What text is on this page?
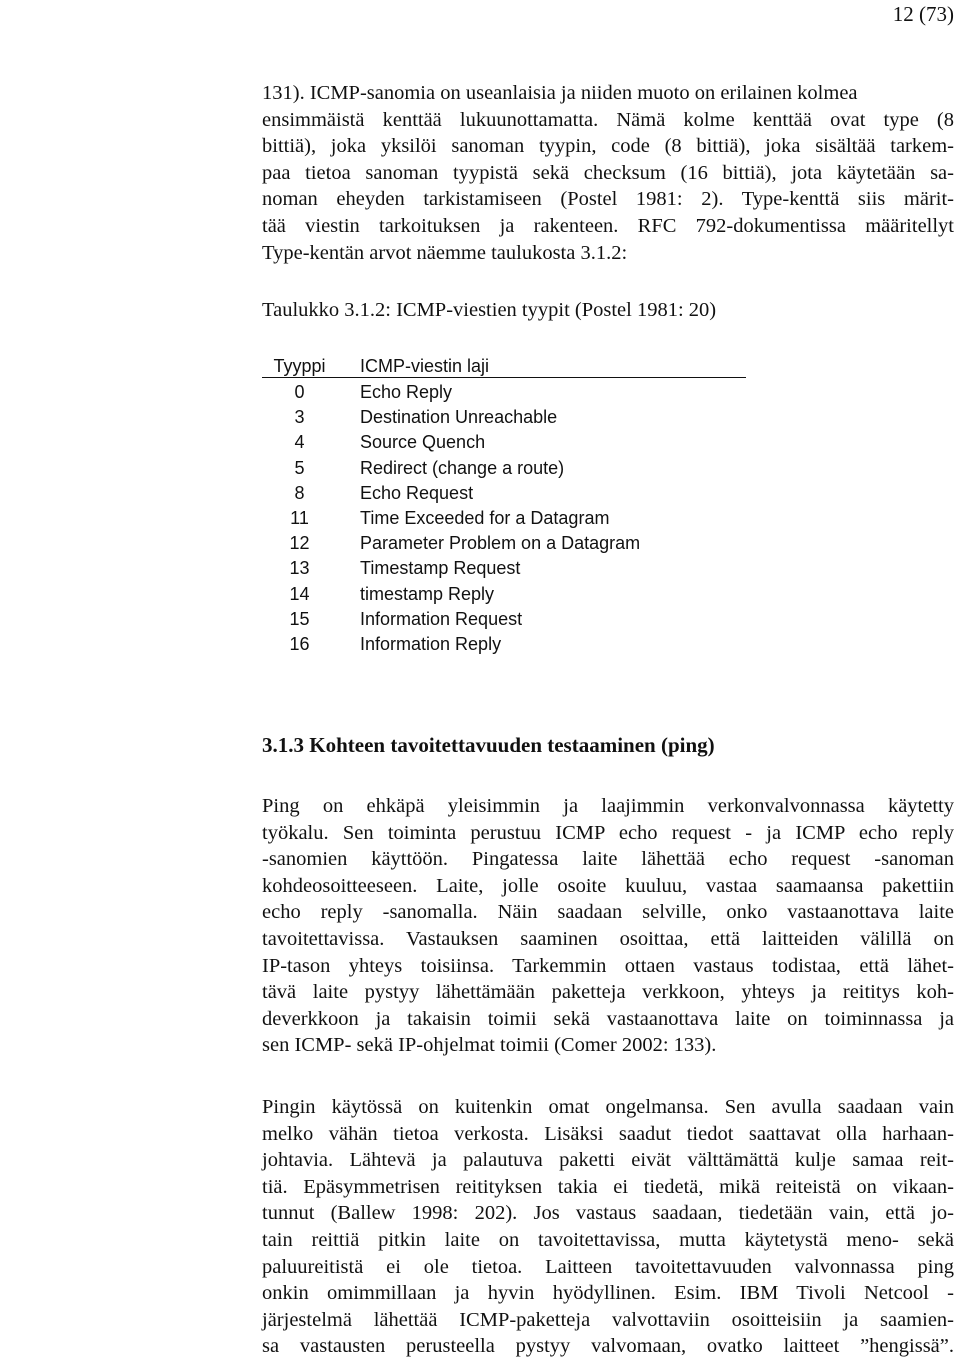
12 (73)
131). ICMP-sanomia on useanlaisia ja niiden muoto on erilainen kolmea
ensimmäistä kenttää lukuunottamatta. Nämä kolme kenttää ovat type (8
bittiä), joka yksilöi sanoman tyypin, code (8 bittiä), joka sisältää tarkem-
paa tietoa sanoman tyypistä sekä checksum (16 bittiä), jota käytetään sa-
noman eheyden tarkistamiseen (Postel 1981: 2). Type-kenttä siis märit-
tää viestin tarkoituksen ja rakenteen. RFC 792-dokumentissa määritellyt
Type-kentän arvot näemme taulukosta 3.1.2:
Taulukko 3.1.2: ICMP-viestien tyypit (Postel 1981: 20)
Tyyppi	ICMP-viestin laji
0	Echo Reply
3	Destination Unreachable
4	Source Quench
5	Redirect (change a route)
8	Echo Request
11	Time Exceeded for a Datagram
12	Parameter Problem on a Datagram
13	Timestamp Request
14	timestamp Reply
15	Information Request
16	Information Reply
3.1.3 Kohteen tavoitettavuuden testaaminen (ping)
Ping on ehkäpä yleisimmin ja laajimmin verkonvalvonnassa käytetty
työkalu. Sen toiminta perustuu ICMP echo request - ja ICMP echo reply
-sanomien käyttöön. Pingatessa laite lähettää echo request -sanoman
kohdeosoitteeseen. Laite, jolle osoite kuuluu, vastaa saamaansa pakettiin
echo reply -sanomalla. Näin saadaan selville, onko vastaanottava laite
tavoitettavissa. Vastauksen saaminen osoittaa, että laitteiden välillä on
IP-tason yhteys toisiinsa. Tarkemmin ottaen vastaus todistaa, että lähet-
tävä laite pystyy lähettämään paketteja verkkoon, yhteys ja reititys koh-
deverkkoon ja takaisin toimii sekä vastaanottava laite on toiminnassa ja
sen ICMP- sekä IP-ohjelmat toimii (Comer 2002: 133).
Pingin käytössä on kuitenkin omat ongelmansa. Sen avulla saadaan vain
melko vähän tietoa verkosta. Lisäksi saadut tiedot saattavat olla harhaan-
johtavia. Lähtevä ja palautuva paketti eivät välttämättä kulje samaa reit-
tiä. Epäsymmetrisen reitityksen takia ei tiedetä, mikä reiteistä on vikaan-
tunnut (Ballew 1998: 202). Jos vastaus saadaan, tiedetään vain, että jo-
tain reittiä pitkin laite on tavoitettavissa, mutta käytetystä meno- sekä
paluureitistä ei ole tietoa. Laitteen tavoitettavuuden valvonnassa ping
onkin omimmillaan ja hyvin hyödyllinen. Esim. IBM Tivoli Netcool -
järjestelmä lähettää ICMP-paketteja valvottaviin osoitteisiin ja saamien-
sa vastausten perusteella pystyy valvomaan, ovatko laitteet ”hengissä”.
